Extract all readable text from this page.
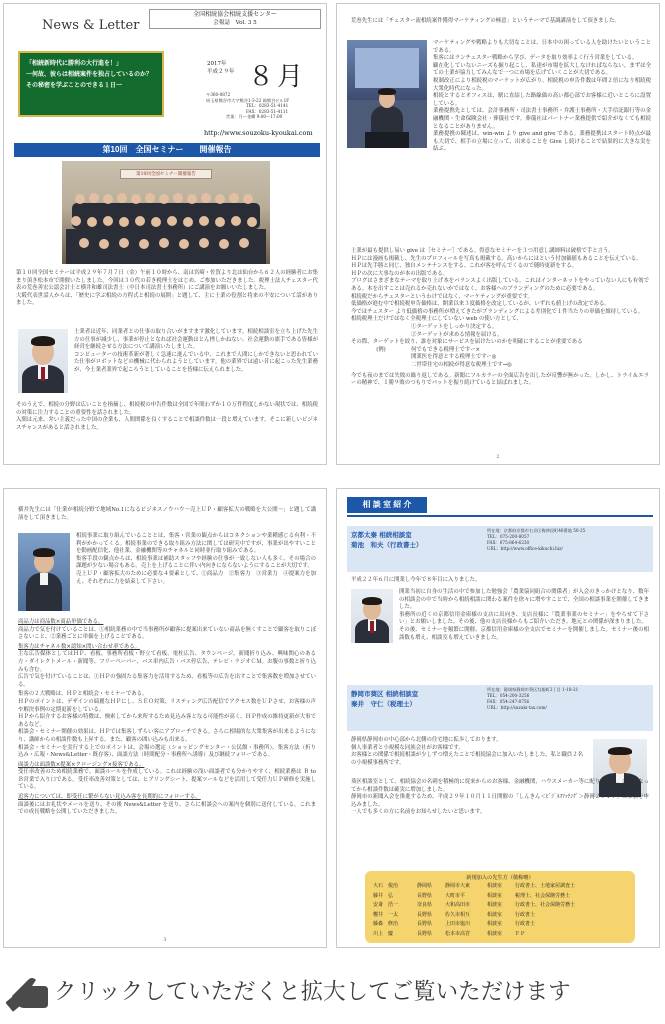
News & Letter
全国相続協会相続支援センター
会報誌　Vol. 3 5
「相続新時代に勝利の大行進を！」
一何故、彼らは相続案件を独占しているのか？
その秘密を学ぶことのできる１日一
2017年
平成２９年 ８月
〒360-0872
埼玉県熊谷市大字熊谷1-3-22 新熊谷ビル1F
TEL：0283-51-4141
FAX：0283-51-4111
営業：月～金曜 9:00～17:00
http://www.souzoku-kyoukai.com
第10回　全国セミナー　　開催報告
第10回全国セミナー開催報告

第１０回全国セミナーは平成２９年７月７日（金）午前１０時から、南は宮崎・佐賀より北は仙台から６２人の経験者にお集まり頂き松本市で開催いたしました。今回は３０代の若き税理士をはじめ、ご参加いただきました。税理士法人チェスター代表の荒巻善宏公認会計士と横井和雄司法書士（中日本司法書士事務所）にご講演をお願いいたしました。

大阪代表世話人からは、「歴史に学ぶ相続の方程式と相続の展開」と題して、主に士業の役割と将来の不安について話がありました。

士業者は近年、同業者との仕事の取り合いがますます激化しています。相続相談室を立ち上げた先生方の仕事が減少し、事業が停止となれば社会運動はとん挫しかねない。社会運動の旗手である皆様が経営を継続させる方法について講演いたしました。

コンピューターの技術革新が著しく急速に進んでいる中、これまで人間にしかできないと思われていた仕事がロボットなどの機械に代わられようとしています。他の業界では遠い昔に起こった先生業務が、今士業者業界で起ころうとしていることを皆様に伝えられました。

そのうえで、相続の分野は広いことを指摘し、相続税の申告件数は全国で年間わずか１０万件程度しかない現状では、相続税の対策に注力することの重要性を話されました。

入間は元来、弁い主義だった中国の企業も、人間関係を良くすることで相談件数は一段と増えています。そこに新しいビジネスチャンスがあると話されました。

荒巻先生には「チェスター流相続案件獲得マーケティングの極意」というテーマで基調講演をして頂きました。

マーケティングや戦略よりも大切なことは、日本中の困っている人を助けたいということである。

集客にはランチェスター戦略から学び、データを取り効率よく行う営業をしている。

顧在化していないニーズも掘り起こし、私達が市場を拡大しなければならない。まずは全ての士業が協力してみんなで一つに市場を広げていくことが大切である。

税制改正により相続税のマーケットが広がり、相続税の申告件数は年間２倍になり相続税大衆化時代になった。

相続とするとオフィスは、駅に直結した路線価の高い都心部でお客様に近いところに設置している。

業務提携先としては、会計事務所・司法書士事務所・弁護士事務所・大手信託銀行等の金融機関・生命保険会社・葬儀社です。葬儀社はパートナー業務提供で紹介がなくても相続となることがありません。

業務提携の陳述は、win-win より give and give である。業務提携はスタート時点が最も大切で、相手の立場に立って、出来ることを Give し続けることで結果的に大きな実を結ぶ。

士業が最も提供し易い give は［セミナー］である。得意なセミナーを３つ用意し講師料は破格で手と言う。

ＨＰには漫画も掲載し、先生のプロフィールを写真も掲載する。高いからにはという付加価値もあることを伝えている。

ＨＰは先手勝と同じ、独自メンテナンスをする。これが客を呼んでくるので随時更新をする。

ＨＰの次に大事なのが本の出版である。

ブログはさまざまなテーマを取り上げ本をバランスよく出版している。これはインターネットをやっていない人にも有効である。本を出すことは売れるか売れないかではなく、お客様へのブランディングのために必要である。

相続税だからチェスターというわけではなく、マーケティングが重要です。

低価格が進む中で相続税申告価格は、開業以来３度価格を改定しているが、いずれも値上げの改定である。

今ではチェスター より低価格の事務所が増えてきたがブランディングによる差別化で１件当たりの単価を維持している。

相続税理士だけではなく全税理士にしていない web の使い方として、

①ターゲットをしっかり決定する。

②ターゲットが求める情報を届ける。

その際、ターゲットを絞り、誰を対象にサービスを届けたいのかを明確にすることが重要である

(例)	何でもできる税理士ですー×

開業医を得意とする税理士ですー◎

二世帯住宅の相続が得意な税理士です→◎

今でも夜のまでは失敗の繰り返しである。新聞にフルカラーの全面広告を出したが反響が無かった。しかし、トライ＆エラーの精神で、１勝９敗のつもりでバットを振り続けていると結ばれました。

2

横井先生には「仕業が相続分野で地域No.1になるビジネスノウハウ〜売上ＵＰ・顧客拡大の戦略を大公開〜」と題して講演をして頂きました。

相続事業に取り組んでいることとは、集客・営業の観点からはコネクションや業種感じる有利・不利がかかってくる。相続事業のできる取り組み方法に関しては研究中ですが、事業が出やすいことを動画配信化、他社業、金融機関等のチャネルと同時並行取り組みである。

集客手段の観点からは、相続事業は補助スタッフや経験の仕事が一致しない人も多く、その場合の課題が少ない場合もある。売上を上げることに伴い内向きにならないようにすることが大切です。

売上ＵＰ・顧客拡大のために必要な４要素として、①商品力　②集客力　③営業力　④提案力を加え、それぞれに力を結束して下さい。

商品力は商品数×商品単価である。

商品力で気を付けていることは、①相続業務の中で当事務所が顧客に提案出来ていない商品を無くすことで顧客を取りこぼさないこと、②業務ごとに単価を上げることである。

集客力はチャネル数×認知×問い合わせ率である。

主な広告媒体としてはＨＰ、看板、事務所看板・野立て看板、電柱広告、タウンページ、新聞折り込み、興味関心のある方・ダイレクトメール・新聞等、フリーペーパー、バス車内広告・バス停広告、テレビ・ラジオＣＭ。お腹の事数と折り込みも含む。

広告で気を付けていることは、①ＨＰの強固たる集客力を活用するため、看板等の広告を出すことで集客数を増加させている。

集客の２大戦略は、ＨＰと相続会・セミナーである。

ＨＰのポイントは、デザインの綺麗なＨＰにし、ＳＥＯ対策、リスティング広告配信でアクセス数をＵＰさせ、お客様の声や解決事例の定期更新をしている。

ＨＰから紹介するお客様の特徴は、検索してから来所するため見込み客となる可能性が高く、ＨＰ作成の維持更新が大事であるなど。

相談会・セミナー開催の効果は、ＨＰでは集客しずらい客にアプローチできる。さらに相場的な大衆集客が出来るようになり、講師からの相談件数も上昇する。また、顧客の囲い込みも出来る。

相談会・セミナーを実行する上でのポイントは、会場の選定（ショッピングセンター・公民館・事務所）、集客方法（折り込み・広報・News&Letter・既存客）、面談方法（時間配分・事務所へ誘導）及び継続フォローである。

面談力は面談数×提案×クロージング×接客である。

受任率改善のため相続業務で、面談ルールを作成している。これは経験の浅い面談者でも分かりやすく、相続業務は Ｂ to Ｂ営業で入り口である。受任率改善対策としては、ヒアリングシート、提案ツールなどを活用して受任力ＵＰ研修を実施している。

追客力については、即受任に繋がらない見込み客を長期的にフォローする。

面談後にはお礼状やメールを送り、その後 News&Letter を送り、さらに相談会への案内を個別に送付している。これまでの成長戦略を公開していただきました。

3
相 談 室 紹 介
京都太秦 相続相談室
菊池　和夫（行政書士）
所在地：京都府京都市右京区梅津段町46番地 50-25
TEL：075-200-8057
FAX：075-864-6230
URL：http://www.office-kikuchi.biz/

平成２２年６月に開業し今年で８年目に入りました。

開業当初に自身の生活の中で参加した勉強会「農業協同組合の関係者」が入会のきっかけとなり、数年の相談会の中で当時から相続相談に関わる案件を徐々に増やすことで、全国の相談事業を開催してきました。

事務所の近くの京都信用金庫様の支店に出向き、支店長様に「農業事業のセミナー」をやらせて下さい」とお願いしました。その後、他の支店長様からもご紹介いただき、地元との関係が深まりました。

その後、セミナーを頻繁に開催、京都信用金庫様の全支店でセミナーを開催しました。セミナー後の相談数も増え、相談室も増えていきました。

静岡市葵区 相続相談室
秦井　守仁（税理士）
所在地：静岡県静岡市葵区呉服町2丁目 1-18-21
TEL：054-200-3256
FAX：054-247-8756
URL：http://suzuki-tax.com/

静岡県静岡市の中心部から北側の住宅地に拡歩しております。

個人事業者と小規模な同族会社がお客様です。

お客様との関係で相続相談が少しずつ増えたことで相続協会に加入いたしました。私と職員２名の小規模事務所です。

葵区相談室として、相続協会の名刺を積極的に従来からのお客様、金融機関、ハウスメーカー等に配りました。会員になってから相談件数は確実に増加しました。

静岡市の新聞入会を推進するため、平成２９年１０月１１日開催の「しんきん＜ﾋﾞｼﾞﾈｽﾏｯﾁﾝｸﾞ＞静岡２０１７」に参加を申込みました。

一人でも多くの方に名前をお知らせしたいと思います。

新規加入の先生方（敬称略）
大石　俊治	静岡県	静岡市大東	相談室	行政書士、土地家屋調査士
藤井　弘	長野県	大町市平	相談室	税理士、社会保険労務士
安斎　浩一	奈良県	大和高田市	相談室	行政書士、社会保険労務士
櫻井　一太	長野県	佐久市相互	相談室	行政書士
藤森　修治	長野県	上田市塩川	相談室	行政書士
川上　慶	長野県	松本市高宮	相談室	ＦＰ
クリックしていただくと拡大してご覧いただけます
